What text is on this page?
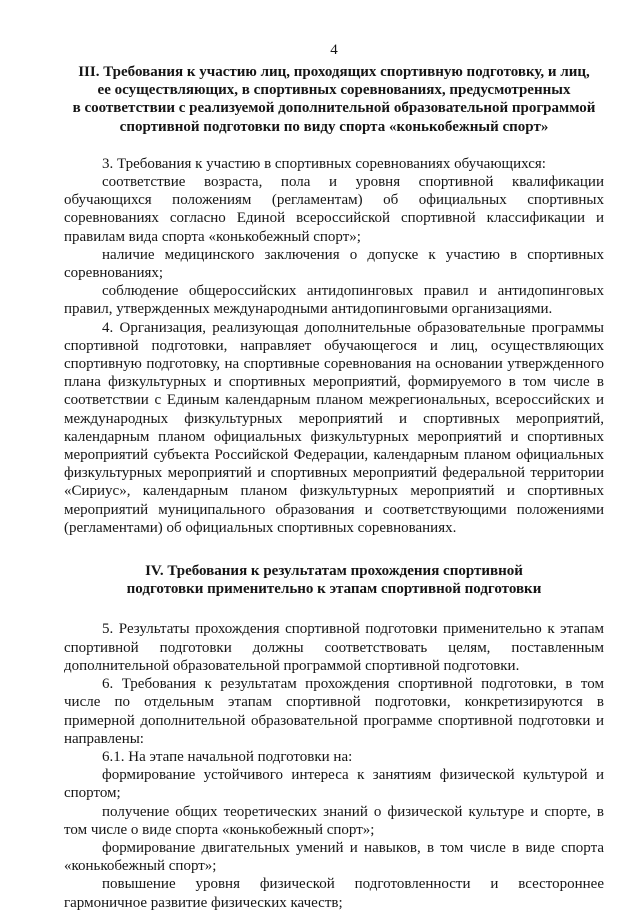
4
III. Требования к участию лиц, проходящих спортивную подготовку, и лиц,
ее осуществляющих, в спортивных соревнованиях, предусмотренных
в соответствии с реализуемой дополнительной образовательной программой
спортивной подготовки по виду спорта «конькобежный спорт»

3. Требования к участию в спортивных соревнованиях обучающихся:

соответствие возраста, пола и уровня спортивной квалификации обучающихся положениям (регламентам) об официальных спортивных соревнованиях согласно Единой всероссийской спортивной классификации и правилам вида спорта «конькобежный спорт»;

наличие медицинского заключения о допуске к участию в спортивных соревнованиях;

соблюдение общероссийских антидопинговых правил и антидопинговых правил, утвержденных международными антидопинговыми организациями.

4. Организация, реализующая дополнительные образовательные программы спортивной подготовки, направляет обучающегося и лиц, осуществляющих спортивную подготовку, на спортивные соревнования на основании утвержденного плана физкультурных и спортивных мероприятий, формируемого в том числе в соответствии с Единым календарным планом межрегиональных, всероссийских и международных физкультурных мероприятий и спортивных мероприятий, календарным планом официальных физкультурных мероприятий и спортивных мероприятий субъекта Российской Федерации, календарным планом официальных физкультурных мероприятий и спортивных мероприятий федеральной территории «Сириус», календарным планом физкультурных мероприятий и спортивных мероприятий муниципального образования и соответствующими положениями (регламентами) об официальных спортивных соревнованиях.

IV. Требования к результатам прохождения спортивной
подготовки применительно к этапам спортивной подготовки

5. Результаты прохождения спортивной подготовки применительно к этапам спортивной подготовки должны соответствовать целям, поставленным дополнительной образовательной программой спортивной подготовки.

6. Требования к результатам прохождения спортивной подготовки, в том числе по отдельным этапам спортивной подготовки, конкретизируются в примерной дополнительной образовательной программе спортивной подготовки и направлены:

6.1. На этапе начальной подготовки на:

формирование устойчивого интереса к занятиям физической культурой и спортом;

получение общих теоретических знаний о физической культуре и спорте, в том числе о виде спорта «конькобежный спорт»;

формирование двигательных умений и навыков, в том числе в виде спорта «конькобежный спорт»;

повышение уровня физической подготовленности и всестороннее гармоничное развитие физических качеств;
